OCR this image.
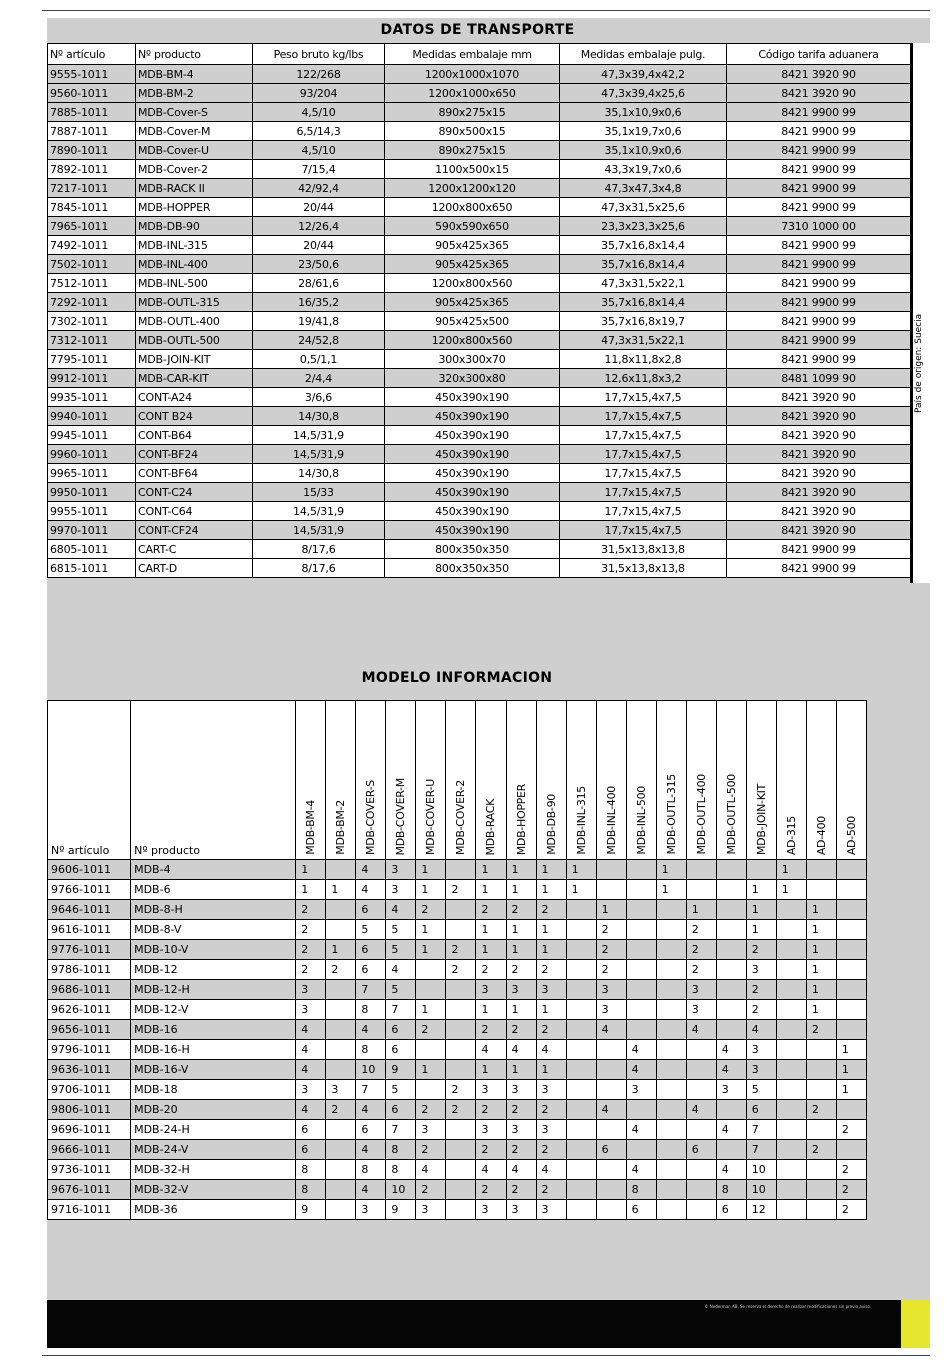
DATOS DE TRANSPORTE
Nº artículo	Nº producto	Peso bruto kg/lbs	Medidas embalaje mm	Medidas embalaje pulg.	Código tarifa aduanera
9555-1011	MDB-BM-4	122/268	1200x1000x1070	47,3x39,4x42,2	8421 3920 90
9560-1011	MDB-BM-2	93/204	1200x1000x650	47,3x39,4x25,6	8421 3920 90
7885-1011	MDB-Cover-S	4,5/10	890x275x15	35,1x10,9x0,6	8421 9900 99
7887-1011	MDB-Cover-M	6,5/14,3	890x500x15	35,1x19,7x0,6	8421 9900 99
7890-1011	MDB-Cover-U	4,5/10	890x275x15	35,1x10,9x0,6	8421 9900 99
7892-1011	MDB-Cover-2	7/15,4	1100x500x15	43,3x19,7x0,6	8421 9900 99
7217-1011	MDB-RACK II	42/92,4	1200x1200x120	47,3x47,3x4,8	8421 9900 99
7845-1011	MDB-HOPPER	20/44	1200x800x650	47,3x31,5x25,6	8421 9900 99
7965-1011	MDB-DB-90	12/26,4	590x590x650	23,3x23,3x25,6	7310 1000 00
7492-1011	MDB-INL-315	20/44	905x425x365	35,7x16,8x14,4	8421 9900 99
7502-1011	MDB-INL-400	23/50,6	905x425x365	35,7x16,8x14,4	8421 9900 99
7512-1011	MDB-INL-500	28/61,6	1200x800x560	47,3x31,5x22,1	8421 9900 99
7292-1011	MDB-OUTL-315	16/35,2	905x425x365	35,7x16,8x14,4	8421 9900 99
7302-1011	MDB-OUTL-400	19/41,8	905x425x500	35,7x16,8x19,7	8421 9900 99
7312-1011	MDB-OUTL-500	24/52,8	1200x800x560	47,3x31,5x22,1	8421 9900 99
7795-1011	MDB-JOIN-KIT	0,5/1,1	300x300x70	11,8x11,8x2,8	8421 9900 99
9912-1011	MDB-CAR-KIT	2/4,4	320x300x80	12,6x11,8x3,2	8481 1099 90
9935-1011	CONT-A24	3/6,6	450x390x190	17,7x15,4x7,5	8421 3920 90
9940-1011	CONT B24	14/30,8	450x390x190	17,7x15,4x7,5	8421 3920 90
9945-1011	CONT-B64	14,5/31,9	450x390x190	17,7x15,4x7,5	8421 3920 90
9960-1011	CONT-BF24	14,5/31,9	450x390x190	17,7x15,4x7,5	8421 3920 90
9965-1011	CONT-BF64	14/30,8	450x390x190	17,7x15,4x7,5	8421 3920 90
9950-1011	CONT-C24	15/33	450x390x190	17,7x15,4x7,5	8421 3920 90
9955-1011	CONT-C64	14,5/31,9	450x390x190	17,7x15,4x7,5	8421 3920 90
9970-1011	CONT-CF24	14,5/31,9	450x390x190	17,7x15,4x7,5	8421 3920 90
6805-1011	CART-C	8/17,6	800x350x350	31,5x13,8x13,8	8421 9900 99
6815-1011	CART-D	8/17,6	800x350x350	31,5x13,8x13,8	8421 9900 99
País de origen: Suecia
MODELO INFORMACION
Nº artículo	Nº producto	MDB-BM-4	MDB-BM-2	MDB-COVER-S	MDB-COVER-M	MDB-COVER-U	MDB-COVER-2	MDB-RACK	MDB-HOPPER	MDB-DB-90	MDB-INL-315	MDB-INL-400	MDB-INL-500	MDB-OUTL-315	MDB-OUTL-400	MDB-OUTL-500	MDB-JOIN-KIT	AD-315	AD-400	AD-500
9606-1011	MDB-4	1		4	3	1		1	1	1	1			1				1		
9766-1011	MDB-6	1	1	4	3	1	2	1	1	1	1			1			1	1		
9646-1011	MDB-8-H	2		6	4	2		2	2	2		1			1		1		1	
9616-1011	MDB-8-V	2		5	5	1		1	1	1		2			2		1		1	
9776-1011	MDB-10-V	2	1	6	5	1	2	1	1	1		2			2		2		1	
9786-1011	MDB-12	2	2	6	4		2	2	2	2		2			2		3		1	
9686-1011	MDB-12-H	3		7	5			3	3	3		3			3		2		1	
9626-1011	MDB-12-V	3		8	7	1		1	1	1		3			3		2		1	
9656-1011	MDB-16	4		4	6	2		2	2	2		4			4		4		2	
9796-1011	MDB-16-H	4		8	6			4	4	4			4			4	3			1
9636-1011	MDB-16-V	4		10	9	1		1	1	1			4			4	3			1
9706-1011	MDB-18	3	3	7	5		2	3	3	3			3			3	5			1
9806-1011	MDB-20	4	2	4	6	2	2	2	2	2		4			4		6		2	
9696-1011	MDB-24-H	6		6	7	3		3	3	3			4			4	7			2
9666-1011	MDB-24-V	6		4	8	2		2	2	2		6			6		7		2	
9736-1011	MDB-32-H	8		8	8	4		4	4	4			4			4	10			2
9676-1011	MDB-32-V	8		4	10	2		2	2	2			8			8	10			2
9716-1011	MDB-36	9		3	9	3		3	3	3			6			6	12			2
© Nederman AB. Se reserva el derecho de realizar modificaciones sin previo aviso.
